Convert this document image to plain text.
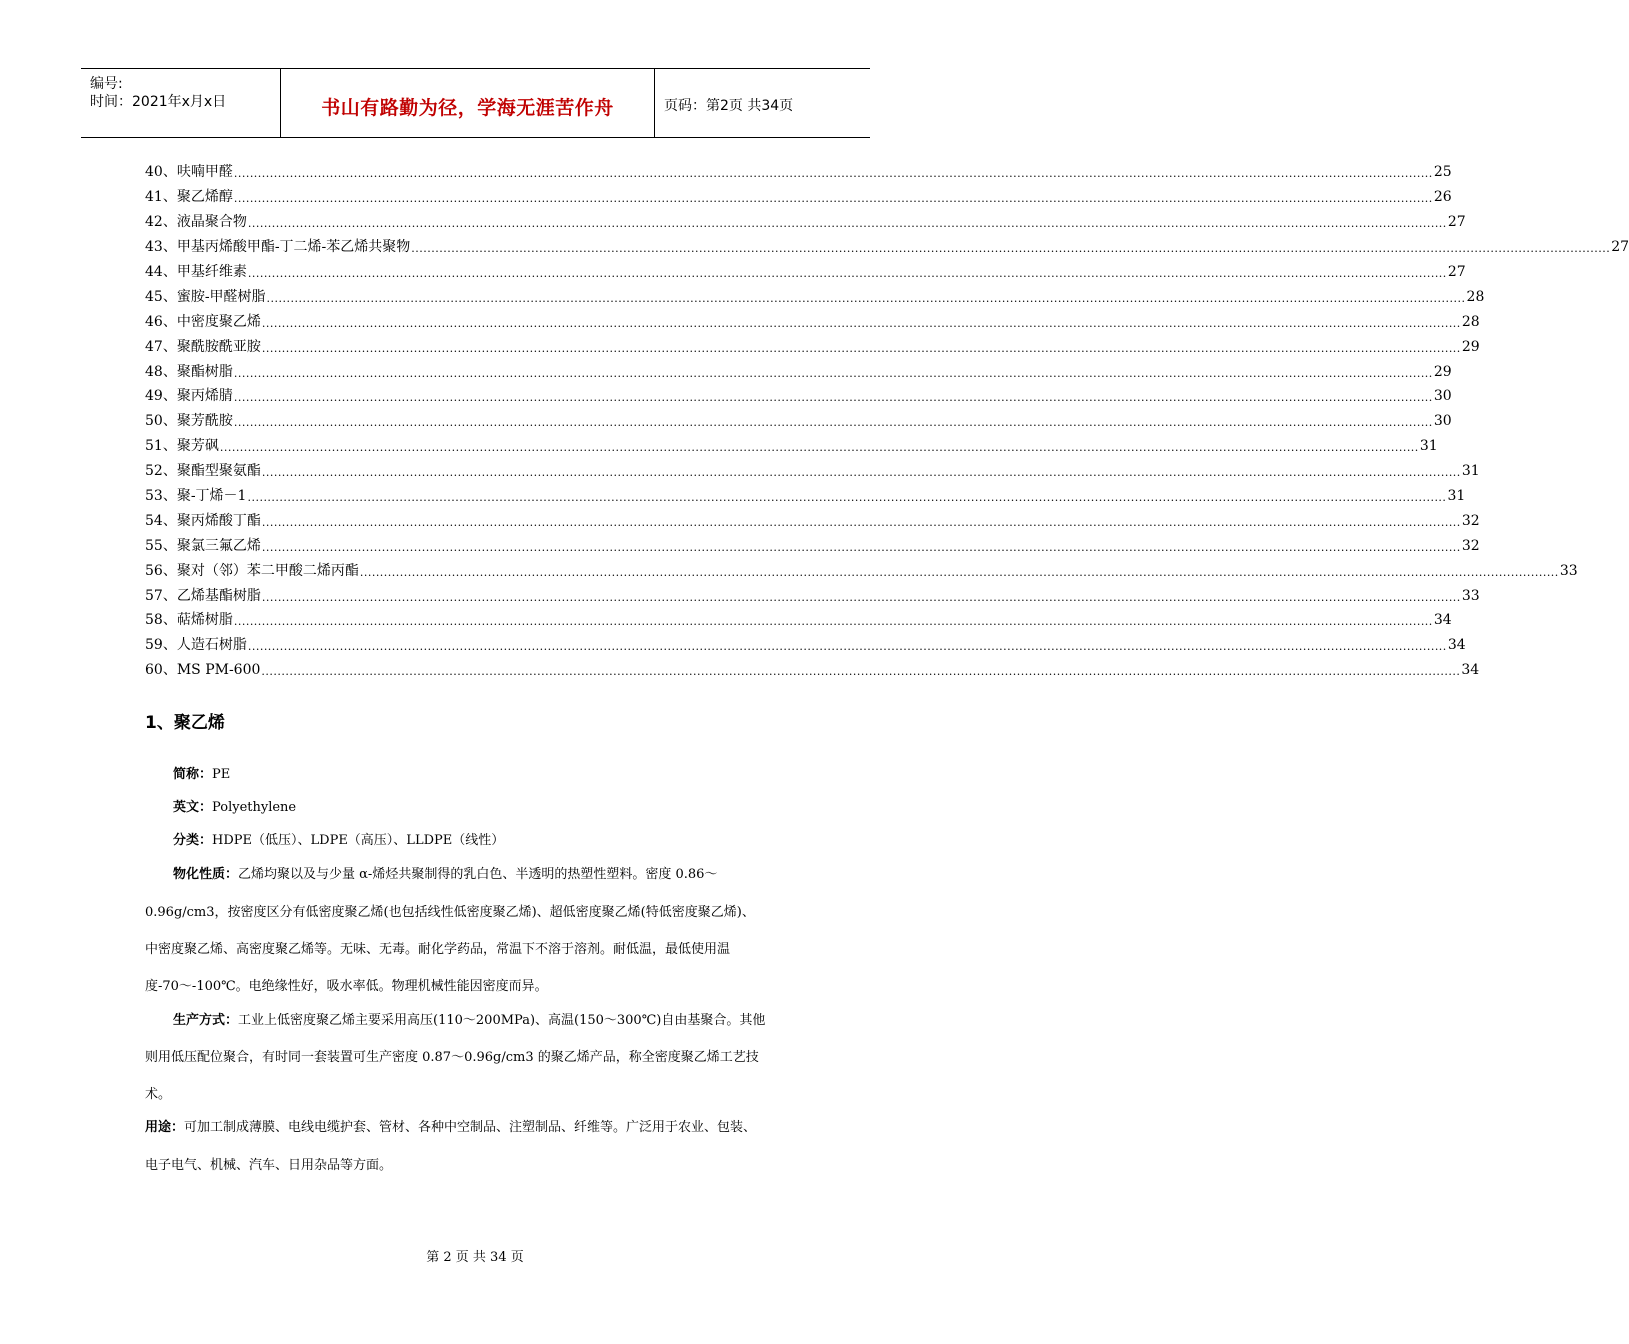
编号:
时间：2021年x月x日	书山有路勤为径，学海无涯苦作舟	页码：第2页 共34页
40、呋喃甲醛 ............................................................................................................................................................................................................................................................................................................ 25
41、聚乙烯醇 ............................................................................................................................................................................................................................................................................................................ 26
42、液晶聚合物 ............................................................................................................................................................................................................................................................................................................ 27
43、甲基丙烯酸甲酯-丁二烯-苯乙烯共聚物 ............................................................................................................................................................................................................................................................................................................ 27
44、甲基纤维素 ............................................................................................................................................................................................................................................................................................................ 27
45、蜜胺-甲醛树脂 ............................................................................................................................................................................................................................................................................................................ 28
46、中密度聚乙烯 ............................................................................................................................................................................................................................................................................................................ 28
47、聚酰胺酰亚胺 ............................................................................................................................................................................................................................................................................................................ 29
48、聚酯树脂 ............................................................................................................................................................................................................................................................................................................ 29
49、聚丙烯腈 ............................................................................................................................................................................................................................................................................................................ 30
50、聚芳酰胺 ............................................................................................................................................................................................................................................................................................................ 30
51、聚芳砜 ............................................................................................................................................................................................................................................................................................................ 31
52、聚酯型聚氨酯 ............................................................................................................................................................................................................................................................................................................ 31
53、聚-丁烯－1 ............................................................................................................................................................................................................................................................................................................ 31
54、聚丙烯酸丁酯 ............................................................................................................................................................................................................................................................................................................ 32
55、聚氯三氟乙烯 ............................................................................................................................................................................................................................................................................................................ 32
56、聚对（邻）苯二甲酸二烯丙酯 ............................................................................................................................................................................................................................................................................................................ 33
57、乙烯基酯树脂 ............................................................................................................................................................................................................................................................................................................ 33
58、萜烯树脂 ............................................................................................................................................................................................................................................................................................................ 34
59、人造石树脂 ............................................................................................................................................................................................................................................................................................................ 34
60、MS PM-600 ............................................................................................................................................................................................................................................................................................................ 34
1、聚乙烯
简称：PE
英文：Polyethylene
分类：HDPE（低压）、LDPE（高压）、LLDPE（线性）
物化性质：乙烯均聚以及与少量 α-烯烃共聚制得的乳白色、半透明的热塑性塑料。密度 0.86～
0.96g/cm3，按密度区分有低密度聚乙烯(也包括线性低密度聚乙烯)、超低密度聚乙烯(特低密度聚乙烯)、
中密度聚乙烯、高密度聚乙烯等。无味、无毒。耐化学药品，常温下不溶于溶剂。耐低温，最低使用温
度-70～-100℃。电绝缘性好，吸水率低。物理机械性能因密度而异。
生产方式：工业上低密度聚乙烯主要采用高压(110～200MPa)、高温(150～300℃)自由基聚合。其他
则用低压配位聚合，有时同一套装置可生产密度 0.87～0.96g/cm3 的聚乙烯产品，称全密度聚乙烯工艺技
术。
用途：可加工制成薄膜、电线电缆护套、管材、各种中空制品、注塑制品、纤维等。广泛用于农业、包装、
电子电气、机械、汽车、日用杂品等方面。
第 2 页 共 34 页
